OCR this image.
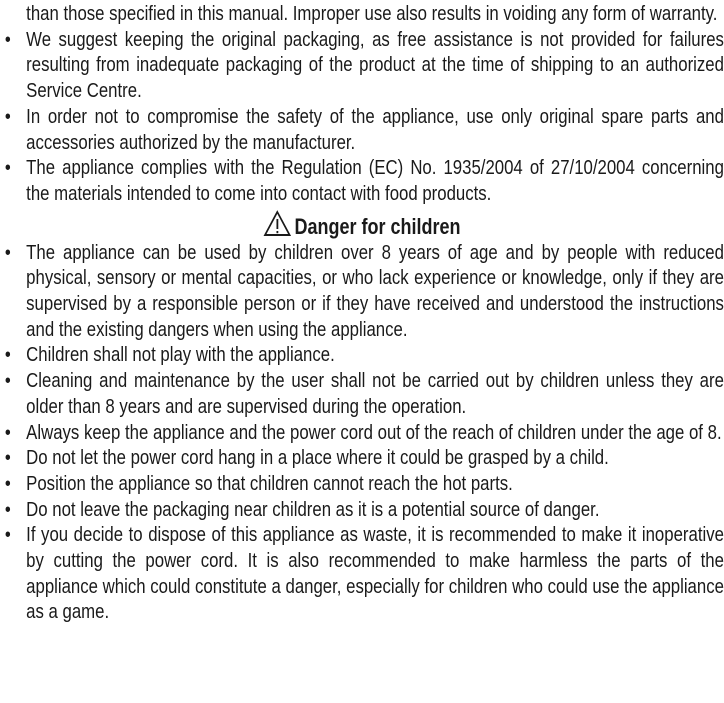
than those specified in this manual. Improper use also results in voiding any form of warranty.

• We suggest keeping the original packaging, as free assistance is not provided for failures resulting from inadequate packaging of the product at the time of shipping to an authorized Service Centre.

• In order not to compromise the safety of the appliance, use only original spare parts and accessories authorized by the manufacturer.

• The appliance complies with the Regulation (EC) No. 1935/2004 of 27/10/2004 concerning the materials intended to come into contact with food products.

Danger for children

• The appliance can be used by children over 8 years of age and by people with reduced physical, sensory or mental capacities, or who lack experience or knowledge, only if they are supervised by a responsible person or if they have received and understood the instructions and the existing dangers when using the appliance.

• Children shall not play with the appliance.

• Cleaning and maintenance by the user shall not be carried out by children unless they are older than 8 years and are supervised during the operation.

• Always keep the appliance and the power cord out of the reach of children under the age of 8.

• Do not let the power cord hang in a place where it could be grasped by a child.

• Position the appliance so that children cannot reach the hot parts.

• Do not leave the packaging near children as it is a potential source of danger.

• If you decide to dispose of this appliance as waste, it is recommended to make it inoperative by cutting the power cord. It is also recommended to make harmless the parts of the appliance which could constitute a danger, especially for children who could use the appliance as a game.
